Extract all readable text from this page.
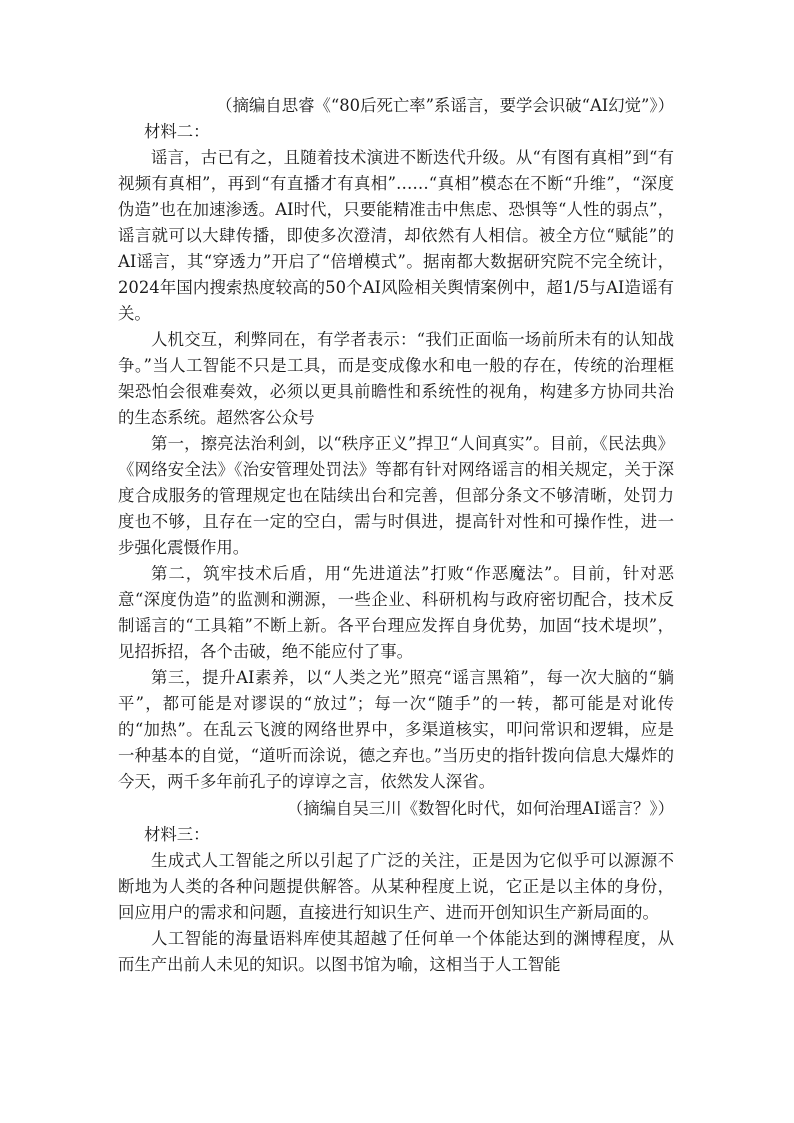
（摘编自思睿《“80后死亡率”系谣言，要学会识破“AI幻觉”》）

材料二：

谣言，古已有之，且随着技术演进不断迭代升级。从“有图有真相”到“有视频有真相”，再到“有直播才有真相”……“真相”模态在不断“升维”，“深度伪造”也在加速渗透。AI时代，只要能精准击中焦虑、恐惧等“人性的弱点”，谣言就可以大肆传播，即使多次澄清，却依然有人相信。被全方位“赋能”的AI谣言，其“穿透力”开启了“倍增模式”。据南都大数据研究院不完全统计，2024年国内搜索热度较高的50个AI风险相关舆情案例中，超1/5与AI造谣有关。

人机交互，利弊同在，有学者表示：“我们正面临一场前所未有的认知战争。”当人工智能不只是工具，而是变成像水和电一般的存在，传统的治理框架恐怕会很难奏效，必须以更具前瞻性和系统性的视角，构建多方协同共治的生态系统。超然客公众号

第一，擦亮法治利剑，以“秩序正义”捍卫“人间真实”。目前，《民法典》《网络安全法》《治安管理处罚法》等都有针对网络谣言的相关规定，关于深度合成服务的管理规定也在陆续出台和完善，但部分条文不够清晰，处罚力度也不够，且存在一定的空白，需与时俱进，提高针对性和可操作性，进一步强化震慑作用。

第二，筑牢技术后盾，用“先进道法”打败“作恶魔法”。目前，针对恶意“深度伪造”的监测和溯源，一些企业、科研机构与政府密切配合，技术反制谣言的“工具箱”不断上新。各平台理应发挥自身优势，加固“技术堤坝”，见招拆招，各个击破，绝不能应付了事。

第三，提升AI素养，以“人类之光”照亮“谣言黑箱”，每一次大脑的“躺平”，都可能是对谬误的“放过”；每一次“随手”的一转，都可能是对讹传的“加热”。在乱云飞渡的网络世界中，多渠道核实，叩问常识和逻辑，应是一种基本的自觉，“道听而涂说，德之弃也。”当历史的指针拨向信息大爆炸的今天，两千多年前孔子的谆谆之言，依然发人深省。

（摘编自吴三川《数智化时代，如何治理AI谣言？》）

材料三：

生成式人工智能之所以引起了广泛的关注，正是因为它似乎可以源源不断地为人类的各种问题提供解答。从某种程度上说，它正是以主体的身份，回应用户的需求和问题，直接进行知识生产、进而开创知识生产新局面的。

人工智能的海量语料库使其超越了任何单一个体能达到的渊博程度，从而生产出前人未见的知识。以图书馆为喻，这相当于人工智能
